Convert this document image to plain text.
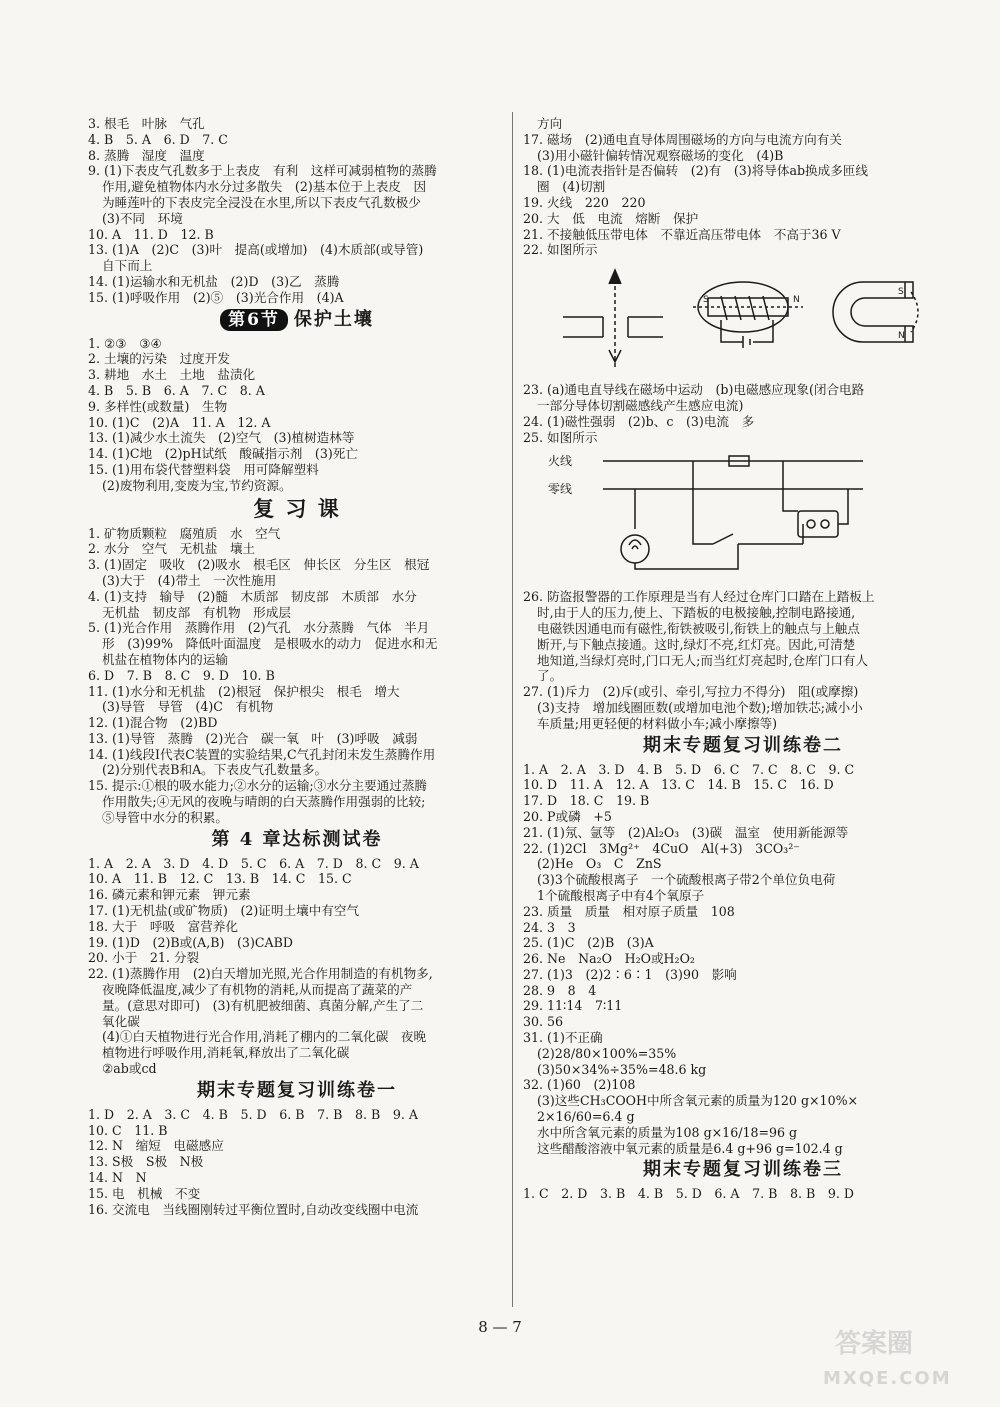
3. 根毛　叶脉　气孔
4. B　5. A　6. D　7. C
8. 蒸腾　湿度　温度
9. (1)下表皮气孔数多于上表皮　有利　这样可减弱植物的蒸腾
作用,避免植物体内水分过多散失　(2)基本位于上表皮　因
为睡莲叶的下表皮完全浸没在水里,所以下表皮气孔数极少
(3)不同　环境
10. A　11. D　12. B
13. (1)A　(2)C　(3)叶　提高(或增加)　(4)木质部(或导管)
自下而上
14. (1)运输水和无机盐　(2)D　(3)乙　蒸腾
15. (1)呼吸作用　(2)⑤　(3)光合作用　(4)A
第6节 保护土壤
1. ②③　③④
2. 土壤的污染　过度开发
3. 耕地　水土　土地　盐渍化
4. B　5. B　6. A　7. C　8. A
9. 多样性(或数量)　生物
10. (1)C　(2)A　11. A　12. A
13. (1)减少水土流失　(2)空气　(3)植树造林等
14. (1)C地　(2)pH试纸　酸碱指示剂　(3)死亡
15. (1)用布袋代替塑料袋　用可降解塑料
(2)废物利用,变废为宝,节约资源。
复 习 课
1. 矿物质颗粒　腐殖质　水　空气
2. 水分　空气　无机盐　壤土
3. (1)固定　吸收　(2)吸水　根毛区　伸长区　分生区　根冠
(3)大于　(4)带土　一次性施用
4. (1)支持　输导　(2)髓　木质部　韧皮部　木质部　水分
无机盐　韧皮部　有机物　形成层
5. (1)光合作用　蒸腾作用　(2)气孔　水分蒸腾　气体　半月
形　(3)99%　降低叶面温度　是根吸水的动力　促进水和无
机盐在植物体内的运输
6. D　7. B　8. C　9. D　10. B
11. (1)水分和无机盐　(2)根冠　保护根尖　根毛　增大
(3)导管　导管　(4)C　有机物
12. (1)混合物　(2)BD
13. (1)导管　蒸腾　(2)光合　碳一氧　叶　(3)呼吸　减弱
14. (1)线段Ⅰ代表C装置的实验结果,C气孔封闭未发生蒸腾作用
(2)分别代表B和A。下表皮气孔数量多。
15. 提示:①根的吸水能力;②水分的运输;③水分主要通过蒸腾
作用散失;④无风的夜晚与晴朗的白天蒸腾作用强弱的比较;
⑤导管中水分的积累。
第 4 章达标测试卷
1. A　2. A　3. D　4. D　5. C　6. A　7. D　8. C　9. A
10. A　11. B　12. C　13. B　14. C　15. C
16. 磷元素和钾元素　钾元素
17. (1)无机盐(或矿物质)　(2)证明土壤中有空气
18. 大于　呼吸　富营养化
19. (1)D　(2)B或(A,B)　(3)CABD
20. 小于　21. 分裂
22. (1)蒸腾作用　(2)白天增加光照,光合作用制造的有机物多,
夜晚降低温度,减少了有机物的消耗,从而提高了蔬菜的产
量。(意思对即可)　(3)有机肥被细菌、真菌分解,产生了二
氧化碳
(4)①白天植物进行光合作用,消耗了棚内的二氧化碳　夜晚
植物进行呼吸作用,消耗氧,释放出了二氧化碳
②ab或cd
期末专题复习训练卷一
1. D　2. A　3. C　4. B　5. D　6. B　7. B　8. B　9. A
10. C　11. B
12. N　缩短　电磁感应
13. S极　S极　N极
14. N　N
15. 电　机械　不变
16. 交流电　当线圈刚转过平衡位置时,自动改变线圈中电流
方向
17. 磁场　(2)通电直导体周围磁场的方向与电流方向有关
(3)用小磁针偏转情况观察磁场的变化　(4)B
18. (1)电流表指针是否偏转　(2)有　(3)将导体ab换成多匝线
圈　(4)切割
19. 火线　220　220
20. 大　低　电流　熔断　保护
21. 不接触低压带电体　不靠近高压带电体　不高于36 V
22. 如图所示
S	N
S
N
23. (a)通电直导线在磁场中运动　(b)电磁感应现象(闭合电路
一部分导体切割磁感线产生感应电流)
24. (1)磁性强弱　(2)b、c　(3)电流　多
25. 如图所示
火线
零线
26. 防盗报警器的工作原理是当有人经过仓库门口踏在上踏板上
时,由于人的压力,使上、下踏板的电极接触,控制电路接通,
电磁铁因通电而有磁性,衔铁被吸引,衔铁上的触点与上触点
断开,与下触点接通。这时,绿灯不亮,红灯亮。因此,可清楚
地知道,当绿灯亮时,门口无人;而当红灯亮起时,仓库门口有人
了。
27. (1)斥力　(2)斥(或引、牵引,写拉力不得分)　阻(或摩擦)
(3)支持　增加线圈匝数(或增加电池个数);增加铁芯;减小小
车质量;用更轻便的材料做小车;减小摩擦等)
期末专题复习训练卷二
1. A　2. A　3. D　4. B　5. D　6. C　7. C　8. C　9. C
10. D　11. A　12. A　13. C　14. B　15. C　16. D
17. D　18. C　19. B
20. P或磷　+5
21. (1)氖、氩等　(2)Al₂O₃　(3)碳　温室　使用新能源等
22. (1)2Cl　3Mg²⁺　4CuO　Al(+3)　3CO₃²⁻
(2)He　O₃　C　ZnS
(3)3个硫酸根离子　一个硫酸根离子带2个单位负电荷
1个硫酸根离子中有4个氧原子
23. 质量　质量　相对原子质量　108
24. 3　3
25. (1)C　(2)B　(3)A
26. Ne　Na₂O　H₂O或H₂O₂
27. (1)3　(2)2∶6∶1　(3)90　影响
28. 9　8　4
29. 11∶14　7∶11
30. 56
31. (1)不正确
(2)28/80×100%=35%
(3)50×34%÷35%=48.6 kg
32. (1)60　(2)108
(3)这些CH₃COOH中所含氧元素的质量为120 g×10%×
2×16/60=6.4 g
水中所含氧元素的质量为108 g×16/18=96 g
这些醋酸溶液中氧元素的质量是6.4 g+96 g=102.4 g
期末专题复习训练卷三
1. C　2. D　3. B　4. B　5. D　6. A　7. B　8. B　9. D
8 — 7
答案圈
MXQE.COM
